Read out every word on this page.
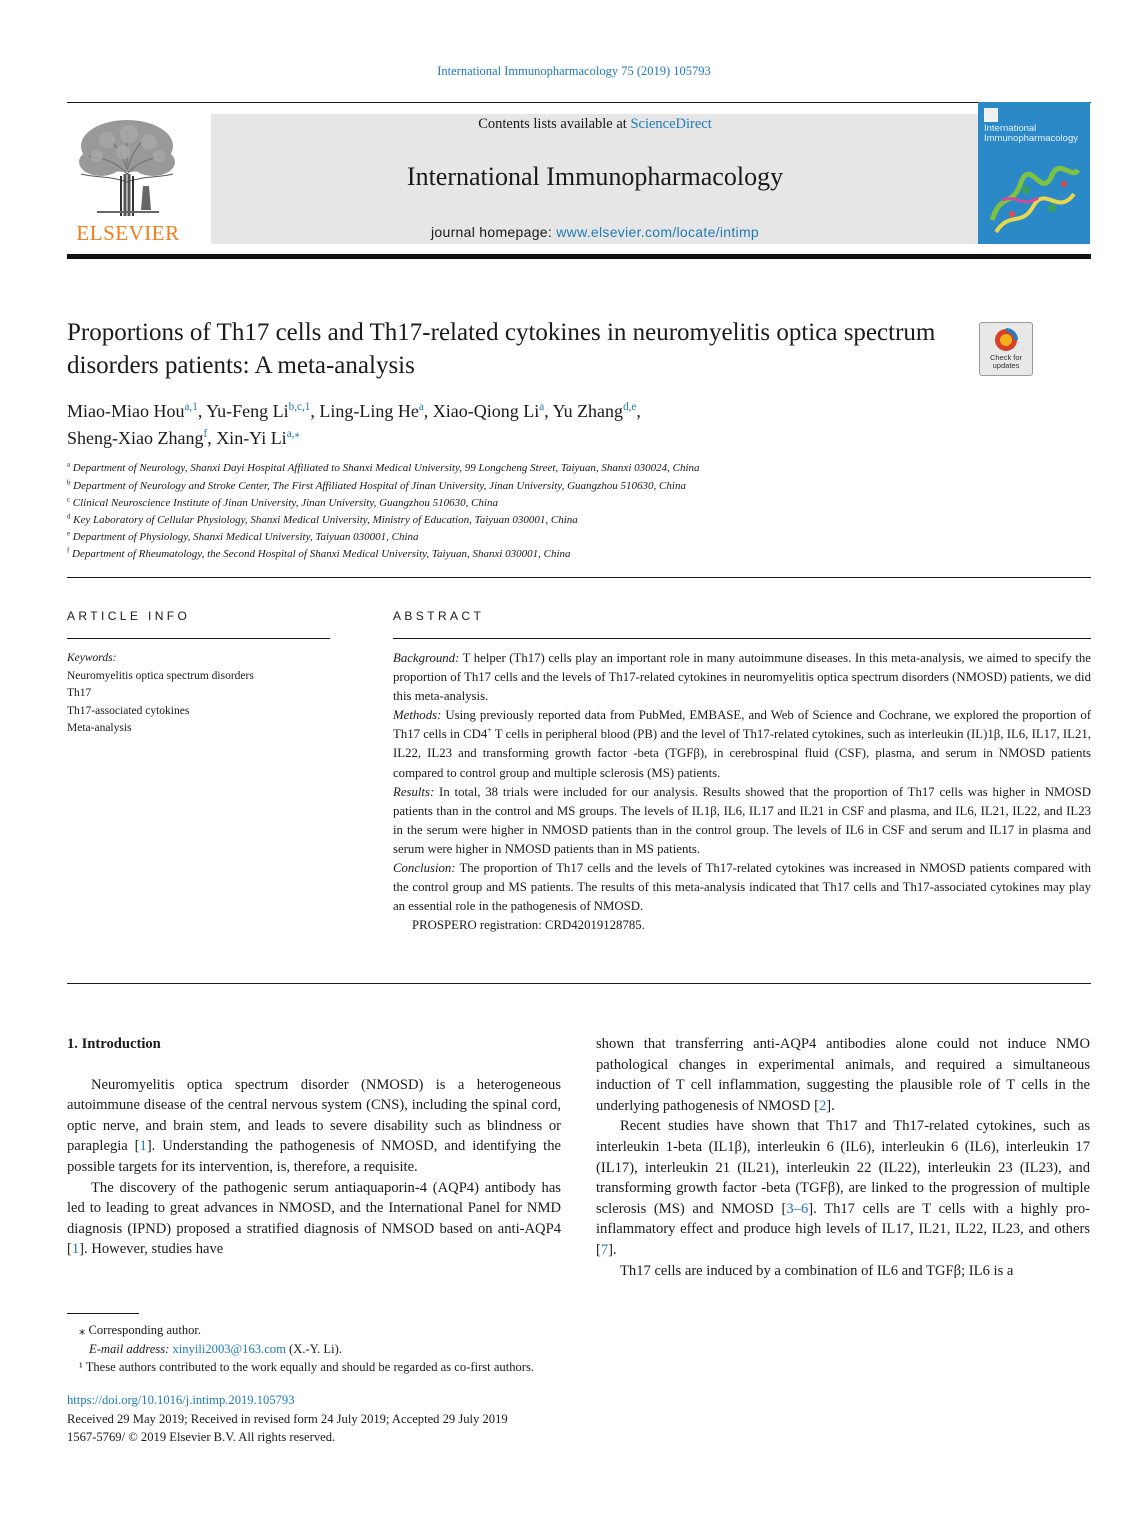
International Immunopharmacology 75 (2019) 105793
ELSEVIER
Contents lists available at ScienceDirect
International Immunopharmacology
journal homepage: www.elsevier.com/locate/intimp
International
Immunopharmacology
Proportions of Th17 cells and Th17-related cytokines in neuromyelitis optica spectrum disorders patients: A meta-analysis	Check for
updates
Miao-Miao Hou$^{a,1}$, Yu-Feng Li$^{b,c,1}$, Ling-Ling He$^a$, Xiao-Qiong Li$^a$, Yu Zhang$^{d,e}$,
Sheng-Xiao Zhang$^f$, Xin-Yi $Li^{a,⁎}$
$^a$ Department of Neurology, Shanxi Dayi Hospital Affiliated to Shanxi Medical University, 99 Longcheng Street, Taiyuan, Shanxi 030024, China
$^b$ Department of Neurology and Stroke Center, The First Affiliated Hospital of Jinan University, Jinan University, Guangzhou 510630, China
$^c$ Clinical Neuroscience Institute of Jinan University, Jinan University, Guangzhou 510630, China
$^d$ Key Laboratory of Cellular Physiology, Shanxi Medical University, Ministry of Education, Taiyuan 030001, China
$^e$ Department of Physiology, Shanxi Medical University, Taiyuan 030001, China
$^f$ Department of Rheumatology, the Second Hospital of Shanxi Medical University, Taiyuan, Shanxi 030001, China
ARTICLE INFO
Keywords:
Neuromyelitis optica spectrum disorders
Th17
Th17-associated cytokines
Meta-analysis
ABSTRACT

Background: T helper (Th17) cells play an important role in many autoimmune diseases. In this meta-analysis, we aimed to specify the proportion of Th17 cells and the levels of Th17-related cytokines in neuromyelitis optica spectrum disorders (NMOSD) patients, we did this meta-analysis.

Methods: Using previously reported data from PubMed, EMBASE, and Web of Science and Cochrane, we explored the proportion of Th17 cells in CD4+ T cells in peripheral blood (PB) and the level of Th17-related cytokines, such as interleukin (IL)1β, IL6, IL17, IL21, IL22, IL23 and transforming growth factor -beta (TGFβ), in cerebrospinal fluid (CSF), plasma, and serum in NMOSD patients compared to control group and multiple sclerosis (MS) patients.

Results: In total, 38 trials were included for our analysis. Results showed that the proportion of Th17 cells was higher in NMOSD patients than in the control and MS groups. The levels of IL1β, IL6, IL17 and IL21 in CSF and plasma, and IL6, IL21, IL22, and IL23 in the serum were higher in NMOSD patients than in the control group. The levels of IL6 in CSF and serum and IL17 in plasma and serum were higher in NMOSD patients than in MS patients.

Conclusion: The proportion of Th17 cells and the levels of Th17-related cytokines was increased in NMOSD patients compared with the control group and MS patients. The results of this meta-analysis indicated that Th17 cells and Th17-associated cytokines may play an essential role in the pathogenesis of NMOSD.

PROSPERO registration: CRD42019128785.

1. Introduction

Neuromyelitis optica spectrum disorder (NMOSD) is a heterogeneous autoimmune disease of the central nervous system (CNS), including the spinal cord, optic nerve, and brain stem, and leads to severe disability such as blindness or paraplegia [1]. Understanding the pathogenesis of NMOSD, and identifying the possible targets for its intervention, is, therefore, a requisite.

The discovery of the pathogenic serum antiaquaporin-4 (AQP4) antibody has led to leading to great advances in NMOSD, and the International Panel for NMD diagnosis (IPND) proposed a stratified diagnosis of NMSOD based on anti-AQP4 [1]. However, studies have

shown that transferring anti-AQP4 antibodies alone could not induce NMO pathological changes in experimental animals, and required a simultaneous induction of T cell inflammation, suggesting the plausible role of T cells in the underlying pathogenesis of NMOSD [2].

Recent studies have shown that Th17 and Th17-related cytokines, such as interleukin 1-beta (IL1β), interleukin 6 (IL6), interleukin 6 (IL6), interleukin 17 (IL17), interleukin 21 (IL21), interleukin 22 (IL22), interleukin 23 (IL23), and transforming growth factor -beta (TGFβ), are linked to the progression of multiple sclerosis (MS) and NMOSD [3–6]. Th17 cells are T cells with a highly pro-inflammatory effect and produce high levels of IL17, IL21, IL22, IL23, and others [7].

Th17 cells are induced by a combination of IL6 and TGFβ; IL6 is a

⁎ Corresponding author.
E-mail address: xinyili2003@163.com (X.-Y. Li).
¹ These authors contributed to the work equally and should be regarded as co-first authors.
https://doi.org/10.1016/j.intimp.2019.105793
Received 29 May 2019; Received in revised form 24 July 2019; Accepted 29 July 2019
1567-5769/ © 2019 Elsevier B.V. All rights reserved.
